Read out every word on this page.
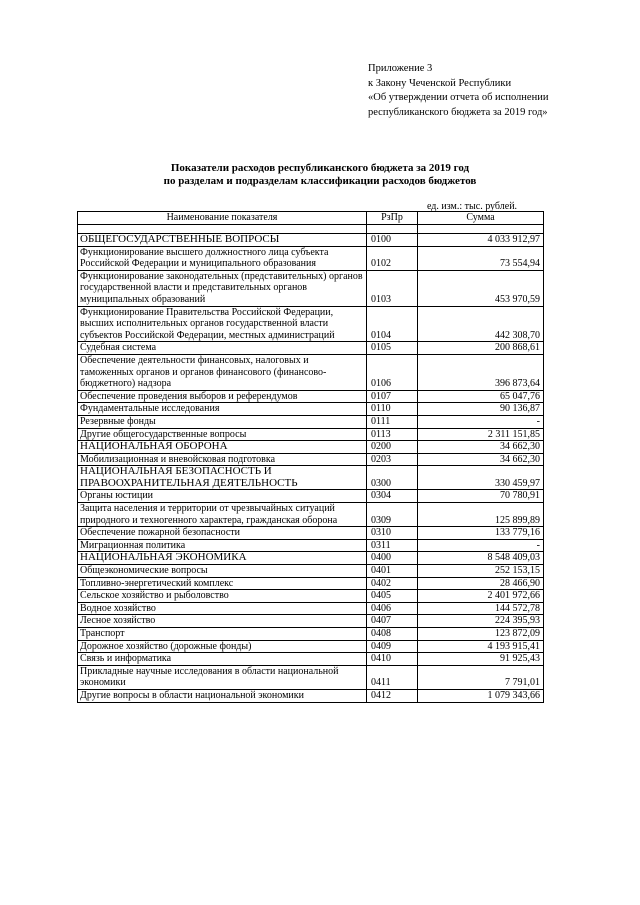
Приложение 3
к Закону Чеченской Республики
«Об утверждении отчета об исполнении
республиканского бюджета за 2019 год»
Показатели расходов республиканского бюджета за 2019 год
по разделам и подразделам классификации расходов бюджетов
ед. изм.: тыс. рублей.
Наименование показателя	РзПр	Сумма

ОБЩЕГОСУДАРСТВЕННЫЕ ВОПРОСЫ	0100	4 033 912,97
Функционирование высшего должностного лица субъекта Российской Федерации и муниципального образования	0102	73 554,94
Функционирование законодательных (представительных) органов государственной власти и представительных органов муниципальных образований	0103	453 970,59
Функционирование Правительства Российской Федерации, высших исполнительных органов государственной власти субъектов Российской Федерации, местных администраций	0104	442 308,70
Судебная система	0105	200 868,61
Обеспечение деятельности финансовых, налоговых и таможенных органов и органов финансового (финансово-бюджетного) надзора	0106	396 873,64
Обеспечение проведения выборов и референдумов	0107	65 047,76
Фундаментальные исследования	0110	90 136,87
Резервные фонды	0111	-
Другие общегосударственные вопросы	0113	2 311 151,85
НАЦИОНАЛЬНАЯ ОБОРОНА	0200	34 662,30
Мобилизационная и вневойсковая подготовка	0203	34 662,30
НАЦИОНАЛЬНАЯ БЕЗОПАСНОСТЬ И ПРАВООХРАНИТЕЛЬНАЯ ДЕЯТЕЛЬНОСТЬ	0300	330 459,97
Органы юстиции	0304	70 780,91
Защита населения и территории от чрезвычайных ситуаций природного и техногенного характера, гражданская оборона	0309	125 899,89
Обеспечение пожарной безопасности	0310	133 779,16
Миграционная политика	0311	-
НАЦИОНАЛЬНАЯ ЭКОНОМИКА	0400	8 548 409,03
Общеэкономические вопросы	0401	252 153,15
Топливно-энергетический комплекс	0402	28 466,90
Сельское хозяйство и рыболовство	0405	2 401 972,66
Водное хозяйство	0406	144 572,78
Лесное хозяйство	0407	224 395,93
Транспорт	0408	123 872,09
Дорожное хозяйство (дорожные фонды)	0409	4 193 915,41
Связь и информатика	0410	91 925,43
Прикладные научные исследования в области национальной экономики	0411	7 791,01
Другие вопросы в области национальной экономики	0412	1 079 343,66
